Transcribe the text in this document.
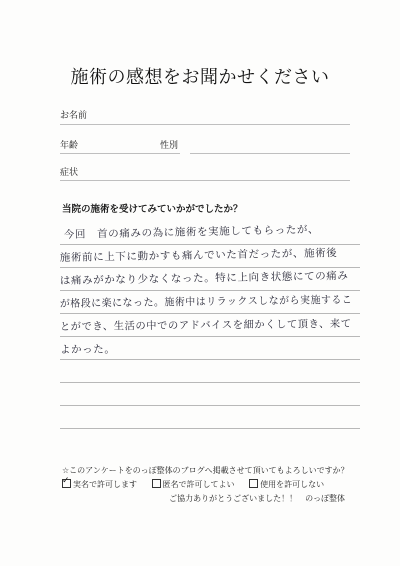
施術の感想をお聞かせください
お名前
年齢	性別
症状
当院の施術を受けてみていかがでしたか？
今回　首の痛みの為に施術を実施してもらったが、
施術前に上下に動かすも痛んでいた首だったが、施術後
は痛みがかなり少なくなった。特に上向き状態にての痛み
が格段に楽になった。施術中はリラックスしながら実施するこ
とができ、生活の中でのアドバイスを細かくして頂き、来て
よかった。
☆このアンケートをのっぽ整体のブログへ掲載させて頂いてもよろしいですか？
✓ 実名で許可します	匿名で許可してよい	使用を許可しない
ご協力ありがとうございました！！　のっぽ整体
